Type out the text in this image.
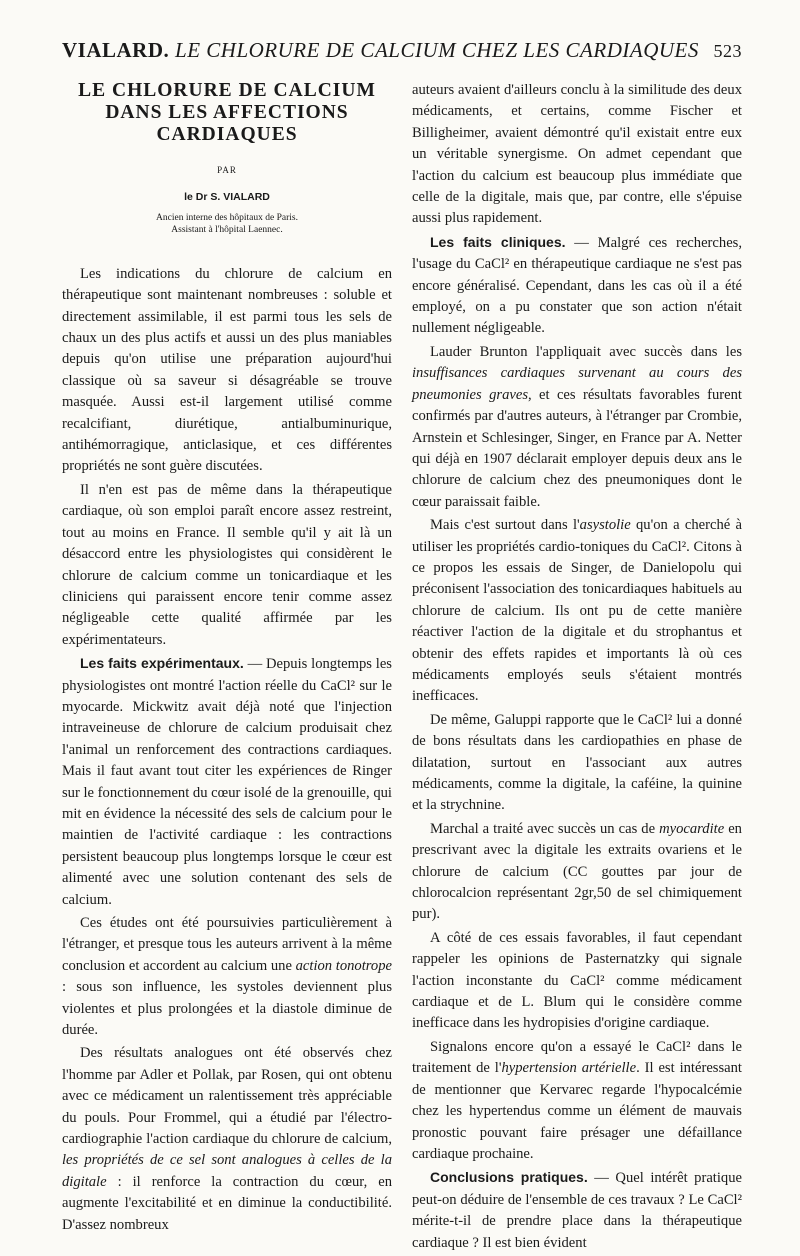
VIALARD. LE CHLORURE DE CALCIUM CHEZ LES CARDIAQUES 523
LE CHLORURE DE CALCIUM DANS LES AFFECTIONS CARDIAQUES
PAR
le Dr S. VIALARD
Ancien interne des hôpitaux de Paris.
Assistant à l'hôpital Laennec.

Les indications du chlorure de calcium en thérapeutique sont maintenant nombreuses : soluble et directement assimilable, il est parmi tous les sels de chaux un des plus actifs et aussi un des plus maniables depuis qu'on utilise une préparation aujourd'hui classique où sa saveur si désagréable se trouve masquée. Aussi est-il largement utilisé comme recalcifiant, diurétique, antialbuminurique, antihémorragique, anticlasique, et ces différentes propriétés ne sont guère discutées.

Il n'en est pas de même dans la thérapeutique cardiaque, où son emploi paraît encore assez restreint, tout au moins en France. Il semble qu'il y ait là un désaccord entre les physiologistes qui considèrent le chlorure de calcium comme un tonicardiaque et les cliniciens qui paraissent encore tenir comme assez négligeable cette qualité affirmée par les expérimentateurs.

Les faits expérimentaux. — Depuis longtemps les physiologistes ont montré l'action réelle du CaCl² sur le myocarde. Mickwitz avait déjà noté que l'injection intraveineuse de chlorure de calcium produisait chez l'animal un renforcement des contractions cardiaques. Mais il faut avant tout citer les expériences de Ringer sur le fonctionnement du cœur isolé de la grenouille, qui mit en évidence la nécessité des sels de calcium pour le maintien de l'activité cardiaque : les contractions persistent beaucoup plus longtemps lorsque le cœur est alimenté avec une solution contenant des sels de calcium.

Ces études ont été poursuivies particulièrement à l'étranger, et presque tous les auteurs arrivent à la même conclusion et accordent au calcium une action tonotrope : sous son influence, les systoles deviennent plus violentes et plus prolongées et la diastole diminue de durée.

Des résultats analogues ont été observés chez l'homme par Adler et Pollak, par Rosen, qui ont obtenu avec ce médicament un ralentissement très appréciable du pouls. Pour Frommel, qui a étudié par l'électro-cardiographie l'action cardiaque du chlorure de calcium, les propriétés de ce sel sont analogues à celles de la digitale : il renforce la contraction du cœur, en augmente l'excitabilité et en diminue la conductibilité. D'assez nombreux

auteurs avaient d'ailleurs conclu à la similitude des deux médicaments, et certains, comme Fischer et Billigheimer, avaient démontré qu'il existait entre eux un véritable synergisme. On admet cependant que l'action du calcium est beaucoup plus immédiate que celle de la digitale, mais que, par contre, elle s'épuise aussi plus rapidement.

Les faits cliniques. — Malgré ces recherches, l'usage du CaCl² en thérapeutique cardiaque ne s'est pas encore généralisé. Cependant, dans les cas où il a été employé, on a pu constater que son action n'était nullement négligeable.

Lauder Brunton l'appliquait avec succès dans les insuffisances cardiaques survenant au cours des pneumonies graves, et ces résultats favorables furent confirmés par d'autres auteurs, à l'étranger par Crombie, Arnstein et Schlesinger, Singer, en France par A. Netter qui déjà en 1907 déclarait employer depuis deux ans le chlorure de calcium chez des pneumoniques dont le cœur paraissait faible.

Mais c'est surtout dans l'asystolie qu'on a cherché à utiliser les propriétés cardio-toniques du CaCl². Citons à ce propos les essais de Singer, de Danielopolu qui préconisent l'association des tonicardiaques habituels au chlorure de calcium. Ils ont pu de cette manière réactiver l'action de la digitale et du strophantus et obtenir des effets rapides et importants là où ces médicaments employés seuls s'étaient montrés inefficaces.

De même, Galuppi rapporte que le CaCl² lui a donné de bons résultats dans les cardiopathies en phase de dilatation, surtout en l'associant aux autres médicaments, comme la digitale, la caféine, la quinine et la strychnine.

Marchal a traité avec succès un cas de myocardite en prescrivant avec la digitale les extraits ovariens et le chlorure de calcium (CC gouttes par jour de chlorocalcion représentant 2gr,50 de sel chimiquement pur).

A côté de ces essais favorables, il faut cependant rappeler les opinions de Pasternatzky qui signale l'action inconstante du CaCl² comme médicament cardiaque et de L. Blum qui le considère comme inefficace dans les hydropisies d'origine cardiaque.

Signalons encore qu'on a essayé le CaCl² dans le traitement de l'hypertension artérielle. Il est intéressant de mentionner que Kervarec regarde l'hypocalcémie chez les hypertendus comme un élément de mauvais pronostic pouvant faire présager une défaillance cardiaque prochaine.

Conclusions pratiques. — Quel intérêt pratique peut-on déduire de l'ensemble de ces travaux ? Le CaCl² mérite-t-il de prendre place dans la thérapeutique cardiaque ? Il est bien évident
